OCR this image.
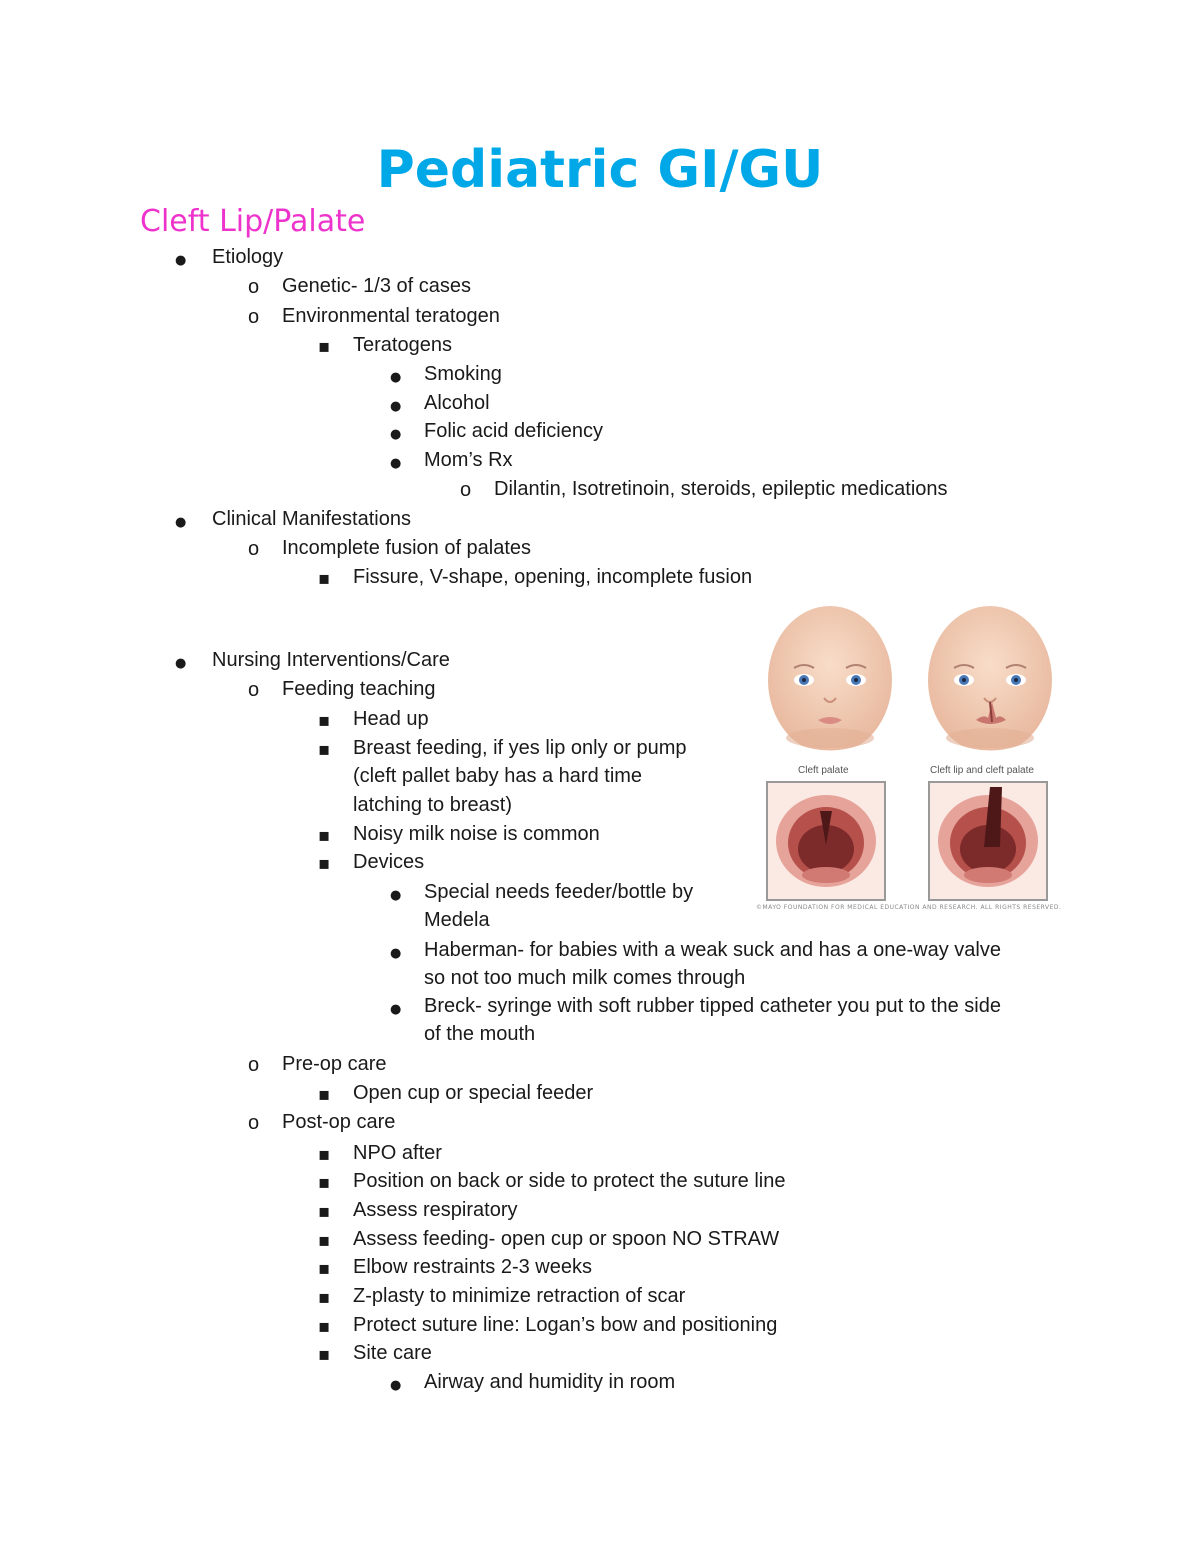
Pediatric GI/GU
Cleft Lip/Palate
●
Etiology
o
Genetic- 1/3 of cases
o
Environmental teratogen
▪
Teratogens
●
Smoking
●
Alcohol
●
Folic acid deficiency
●
Mom’s Rx
o
Dilantin, Isotretinoin, steroids, epileptic medications
●
Clinical Manifestations
o
Incomplete fusion of palates
▪
Fissure, V-shape, opening, incomplete fusion
●
Nursing Interventions/Care
o
Feeding teaching
▪
Head up
▪
Breast feeding, if yes lip only or pump
(cleft pallet baby has a hard time
latching to breast)
▪
Noisy milk noise is common
▪
Devices
●
Special needs feeder/bottle by
Medela
●
Haberman- for babies with a weak suck and has a one-way valve
so not too much milk comes through
●
Breck- syringe with soft rubber tipped catheter you put to the side
of the mouth
o
Pre-op care
▪
Open cup or special feeder
o
Post-op care
▪
NPO after
▪
Position on back or side to protect the suture line
▪
Assess respiratory
▪
Assess feeding- open cup or spoon NO STRAW
▪
Elbow restraints 2-3 weeks
▪
Z-plasty to minimize retraction of scar
▪
Protect suture line: Logan’s bow and positioning
▪
Site care
●
Airway and humidity in room
Cleft palate	Cleft lip and cleft palate
©MAYO FOUNDATION FOR MEDICAL EDUCATION AND RESEARCH. ALL RIGHTS RESERVED.
